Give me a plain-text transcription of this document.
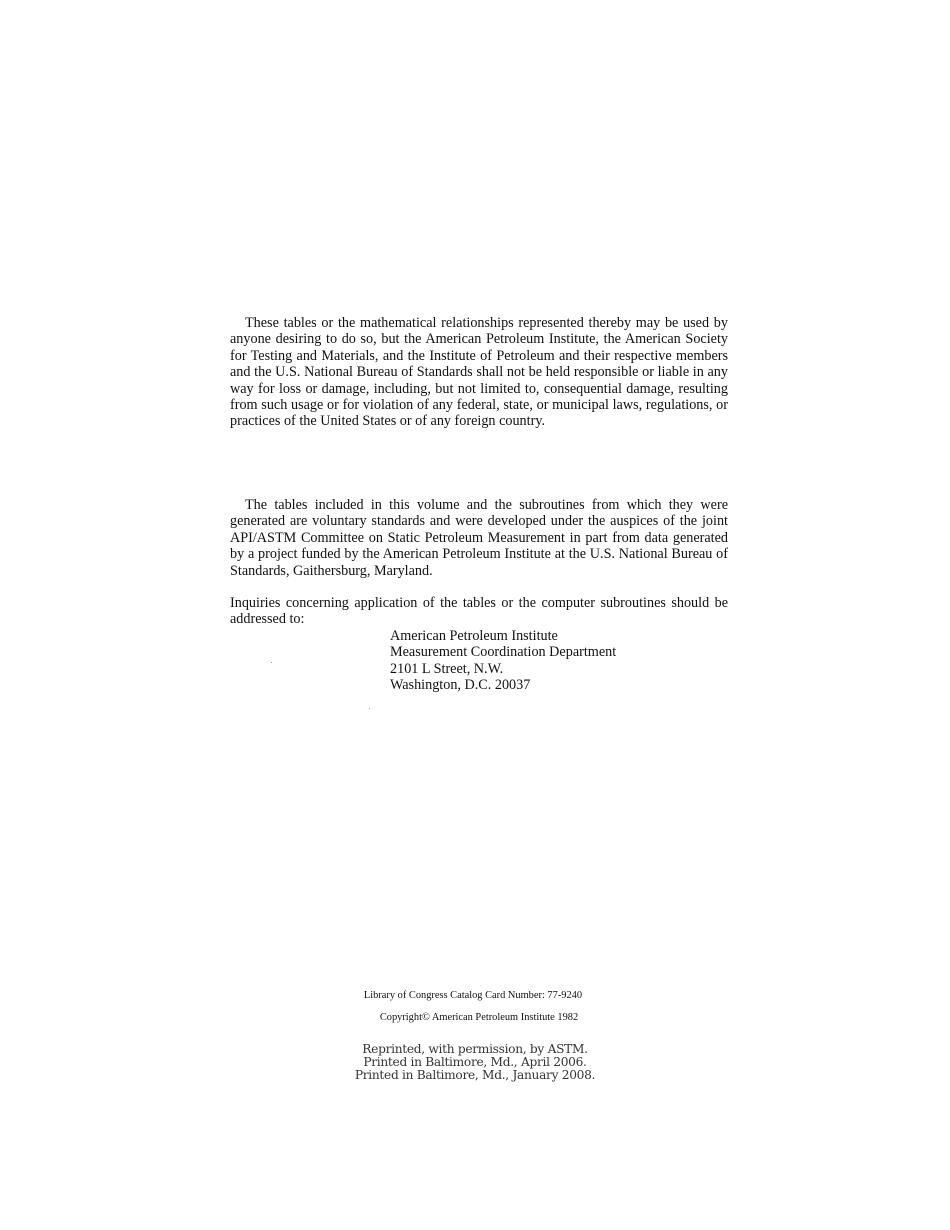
These tables or the mathematical relationships represented thereby may be used by anyone desiring to do so, but the American Petroleum Institute, the American Society for Testing and Materials, and the Institute of Petroleum and their respective members and the U.S. National Bureau of Standards shall not be held responsible or liable in any way for loss or damage, including, but not limited to, consequential damage, resulting from such usage or for violation of any federal, state, or municipal laws, regulations, or practices of the United States or of any foreign country.

The tables included in this volume and the subroutines from which they were generated are voluntary standards and were developed under the auspices of the joint API/ASTM Committee on Static Petroleum Measurement in part from data generated by a project funded by the American Petroleum Institute at the U.S. National Bureau of Standards, Gaithersburg, Maryland.

Inquiries concerning application of the tables or the computer subroutines should be addressed to:

American Petroleum Institute
Measurement Coordination Department
2101 L Street, N.W.
Washington, D.C. 20037
Library of Congress Catalog Card Number: 77-9240
Copyright© American Petroleum Institute 1982
Reprinted, with permission, by ASTM.
Printed in Baltimore, Md., April 2006.
Printed in Baltimore, Md., January 2008.
